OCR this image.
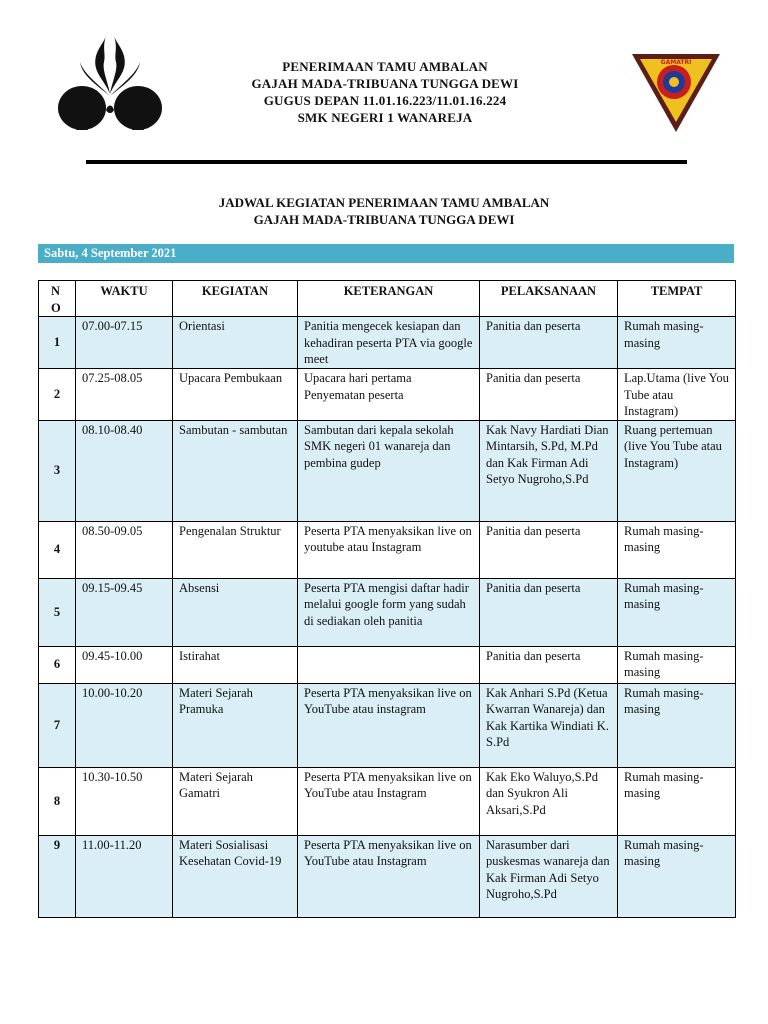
GAMATRI
PENERIMAAN TAMU AMBALAN
GAJAH MADA-TRIBUANA TUNGGA DEWI
GUGUS DEPAN 11.01.16.223/11.01.16.224
SMK NEGERI 1 WANAREJA
JADWAL KEGIATAN PENERIMAAN TAMU AMBALAN
GAJAH MADA-TRIBUANA TUNGGA DEWI
Sabtu, 4 September 2021
N O	WAKTU	KEGIATAN	KETERANGAN	PELAKSANAAN	TEMPAT
1	07.00-07.15	Orientasi	Panitia mengecek kesiapan dan kehadiran peserta PTA via google meet	Panitia dan peserta	Rumah masing-masing
2	07.25-08.05	Upacara Pembukaan	Upacara hari pertama Penyematan peserta	Panitia dan peserta	Lap.Utama (live You Tube atau Instagram)
3	08.10-08.40	Sambutan - sambutan	Sambutan dari kepala sekolah SMK negeri 01 wanareja dan pembina gudep	Kak Navy Hardiati Dian Mintarsih, S.Pd, M.Pd dan Kak Firman Adi Setyo Nugroho,S.Pd	Ruang pertemuan (live You Tube atau Instagram)
4	08.50-09.05	Pengenalan Struktur	Peserta PTA menyaksikan live on youtube atau Instagram	Panitia dan peserta	Rumah masing-masing
5	09.15-09.45	Absensi	Peserta PTA mengisi daftar hadir melalui google form yang sudah di sediakan oleh panitia	Panitia dan peserta	Rumah masing-masing
6	09.45-10.00	Istirahat		Panitia dan peserta	Rumah masing-masing
7	10.00-10.20	Materi Sejarah Pramuka	Peserta PTA menyaksikan live on YouTube atau instagram	Kak Anhari S.Pd (Ketua Kwarran Wanareja) dan Kak Kartika Windiati K. S.Pd	Rumah masing-masing
8	10.30-10.50	Materi Sejarah Gamatri	Peserta PTA menyaksikan live on YouTube atau Instagram	Kak Eko Waluyo,S.Pd dan Syukron Ali Aksari,S.Pd	Rumah masing-masing
9	11.00-11.20	Materi Sosialisasi Kesehatan Covid-19	Peserta PTA menyaksikan live on YouTube atau Instagram	Narasumber dari puskesmas wanareja dan Kak Firman Adi Setyo Nugroho,S.Pd	Rumah masing-masing
